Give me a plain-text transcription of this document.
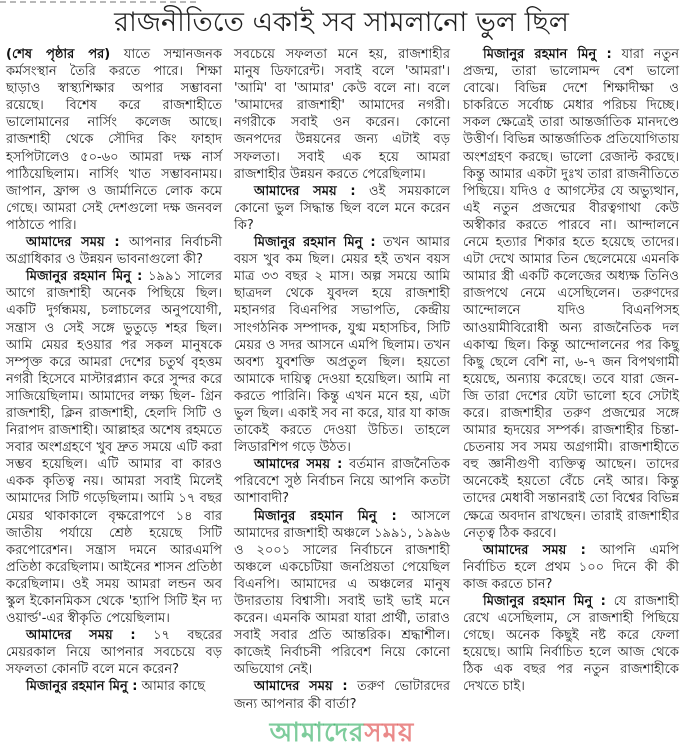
রাজনীতিতে একাই সব সামলানো ভুল ছিল

(শেষ পৃষ্ঠার পর) যাতে সম্মানজনক কর্মসংস্থান তৈরি করতে পারে। শিক্ষা ছাড়াও স্বাস্থ্যশিক্ষার অপার সম্ভাবনা রয়েছে। বিশেষ করে রাজশাহীতে ভালোমানের নার্সিং কলেজ আছে। রাজশাহী থেকে সৌদির কিং ফাহাদ হসপিটালেও ৫০-৬০ আমরা দক্ষ নার্স পাঠিয়েছিলাম। নার্সিং খাত সম্ভাবনাময়। জাপান, ফ্রান্স ও জার্মানিতে লোক কমে গেছে। আমরা সেই দেশগুলো দক্ষ জনবল পাঠাতে পারি।

আমাদের সময় : আপনার নির্বাচনী অগ্রাধিকার ও উন্নয়ন ভাবনাগুলো কী?

মিজানুর রহমান মিনু : ১৯৯১ সালের আগে রাজশাহী অনেক পিছিয়ে ছিল। একটি দুর্গন্ধময়, চলাচলের অনুপযোগী, সন্ত্রাস ও সেই সঙ্গে ভুতুড়ে শহর ছিল। আমি মেয়র হওয়ার পর সকল মানুষকে সম্পৃক্ত করে আমরা দেশের চতুর্থ বৃহত্তম নগরী হিসেবে মাস্টারপ্ল্যান করে সুন্দর করে সাজিয়েছিলাম। আমাদের লক্ষ্য ছিল- গ্রিন রাজশাহী, ক্লিন রাজশাহী, হেলদি সিটি ও নিরাপদ রাজশাহী। আল্লাহর অশেষ রহমতে সবার অংশগ্রহণে খুব দ্রুত সময়ে এটি করা সম্ভব হয়েছিল। এটি আমার বা কারও একক কৃতিত্ব নয়। আমরা সবাই মিলেই আমাদের সিটি গড়েছিলাম। আমি ১৭ বছর মেয়র থাকাকালে বৃক্ষরোপণে ১৪ বার জাতীয় পর্যায়ে শ্রেষ্ঠ হয়েছে সিটি করপোরেশন। সন্ত্রাস দমনে আরএমপি প্রতিষ্ঠা করেছিলাম। আইনের শাসন প্রতিষ্ঠা করেছিলাম। ওই সময় আমরা লন্ডন অব স্কুল ইকোনমিকস থেকে 'হ্যাপি সিটি ইন দ্য ওয়ার্ল্ড'-এর স্বীকৃতি পেয়েছিলাম।

আমাদের সময় : ১৭ বছরের মেয়রকাল নিয়ে আপনার সবচেয়ে বড় সফলতা কোনটি বলে মনে করেন?

মিজানুর রহমান মিনু : আমার কাছে

সবচেয়ে সফলতা মনে হয়, রাজশাহীর মানুষ ডিফারেন্ট। সবাই বলে 'আমরা'। 'আমি' বা 'আমার' কেউ বলে না। বলে 'আমাদের রাজশাহী' আমাদের নগরী। নগরীকে সবাই ওন করেন। কোনো জনপদের উন্নয়নের জন্য এটাই বড় সফলতা। সবাই এক হয়ে আমরা রাজশাহীর উন্নয়ন করতে পেরেছিলাম।

আমাদের সময় : ওই সময়কালে কোনো ভুল সিদ্ধান্ত ছিল বলে মনে করেন কি?

মিজানুর রহমান মিনু : তখন আমার বয়স খুব কম ছিল। মেয়র হই তখন বয়স মাত্র ৩৩ বছর ২ মাস। অল্প সময়ে আমি ছাত্রদল থেকে যুবদল হয়ে রাজশাহী মহানগর বিএনপির সভাপতি, কেন্দ্রীয় সাংগঠনিক সম্পাদক, যুগ্ম মহাসচিব, সিটি মেয়র ও সদর আসনে এমপি ছিলাম। তখন অবশ্য যুবশক্তি অপ্রতুল ছিল। হয়তো আমাকে দায়িত্ব দেওয়া হয়েছিল। আমি না করতে পারিনি। কিন্তু এখন মনে হয়, এটা ভুল ছিল। একাই সব না করে, যার যা কাজ তাকেই করতে দেওয়া উচিত। তাহলে লিডারশিপ গড়ে উঠত।

আমাদের সময় : বর্তমান রাজনৈতিক পরিবেশে সুষ্ঠ নির্বাচন নিয়ে আপনি কতটা আশাবাদী?

মিজানুর রহমান মিনু : আসলে আমাদের রাজশাহী অঞ্চলে ১৯৯১, ১৯৯৬ ও ২০০১ সালের নির্বাচনে রাজশাহী অঞ্চলে একচেটিয়া জনপ্রিয়তা পেয়েছিল বিএনপি। আমাদের এ অঞ্চলের মানুষ উদারতায় বিশ্বাসী। সবাই ভাই ভাই মনে করেন। এমনকি আমরা যারা প্রার্থী, তারাও সবাই সবার প্রতি আন্তরিক। শ্রদ্ধাশীল। কাজেই নির্বাচনী পরিবেশ নিয়ে কোনো অভিযোগ নেই।

আমাদের সময় : তরুণ ভোটারদের জন্য আপনার কী বার্তা?

আমাদেরসময়

মিজানুর রহমান মিনু : যারা নতুন প্রজন্ম, তারা ভালোমন্দ বেশ ভালো বোঝে। বিভিন্ন দেশে শিক্ষাদীক্ষা ও চাকরিতে সর্বোচ্চ মেধার পরিচয় দিচ্ছে। সকল ক্ষেত্রেই তারা আন্তর্জাতিক মানদণ্ডে উত্তীর্ণ। বিভিন্ন আন্তর্জাতিক প্রতিযোগিতায় অংশগ্রহণ করছে। ভালো রেজাল্ট করছে। কিন্তু আমার একটা দুঃখ তারা রাজনীতিতে পিছিয়ে। যদিও ৫ আগস্টের যে অভ্যুত্থান, এই নতুন প্রজন্মের বীরত্বগাথা কেউ অস্বীকার করতে পারবে না। আন্দালনে নেমে হত্যার শিকার হতে হয়েছে তাদের। এটা দেখে আমার তিন ছেলেমেয়ে এমনকি আমার স্ত্রী একটি কলেজের অধ্যক্ষ তিনিও রাজপথে নেমে এসেছিলেন। তরুণদের আন্দোলনে যদিও বিএনপিসহ আওয়ামীবিরোধী অন্য রাজনৈতিক দল একাত্ম ছিল। কিন্তু আন্দোলনের পর কিছু কিছু ছেলে বেশি না, ৬-৭ জন বিপথগামী হয়েছে, অন্যায় করেছে। তবে যারা জেন-জি তারা দেশের যেটা ভালো হবে সেটাই করে। রাজশাহীর তরুণ প্রজন্মের সঙ্গে আমার হৃদয়ের সম্পর্ক। রাজশাহীর চিন্তা-চেতনায় সব সময় অগ্রগামী। রাজশাহীতে বহু জ্ঞানীগুণী ব্যক্তিত্ব আছেন। তাদের অনেকেই হয়তো বেঁচে নেই আর। কিন্তু তাদের মেধাবী সন্তানরাই তো বিশ্বের বিভিন্ন ক্ষেত্রে অবদান রাখছেন। তারাই রাজশাহীর নেতৃত্ব ঠিক করবে।

আমাদের সময় : আপনি এমপি নির্বাচিত হলে প্রথম ১০০ দিনে কী কী কাজ করতে চান?

মিজানুর রহমান মিনু : যে রাজশাহী রেখে এসেছিলাম, সে রাজশাহী পিছিয়ে গেছে। অনেক কিছুই নষ্ট করে ফেলা হয়েছে। আমি নির্বাচিত হলে আজ থেকে ঠিক এক বছর পর নতুন রাজশাহীকে দেখতে চাই।
